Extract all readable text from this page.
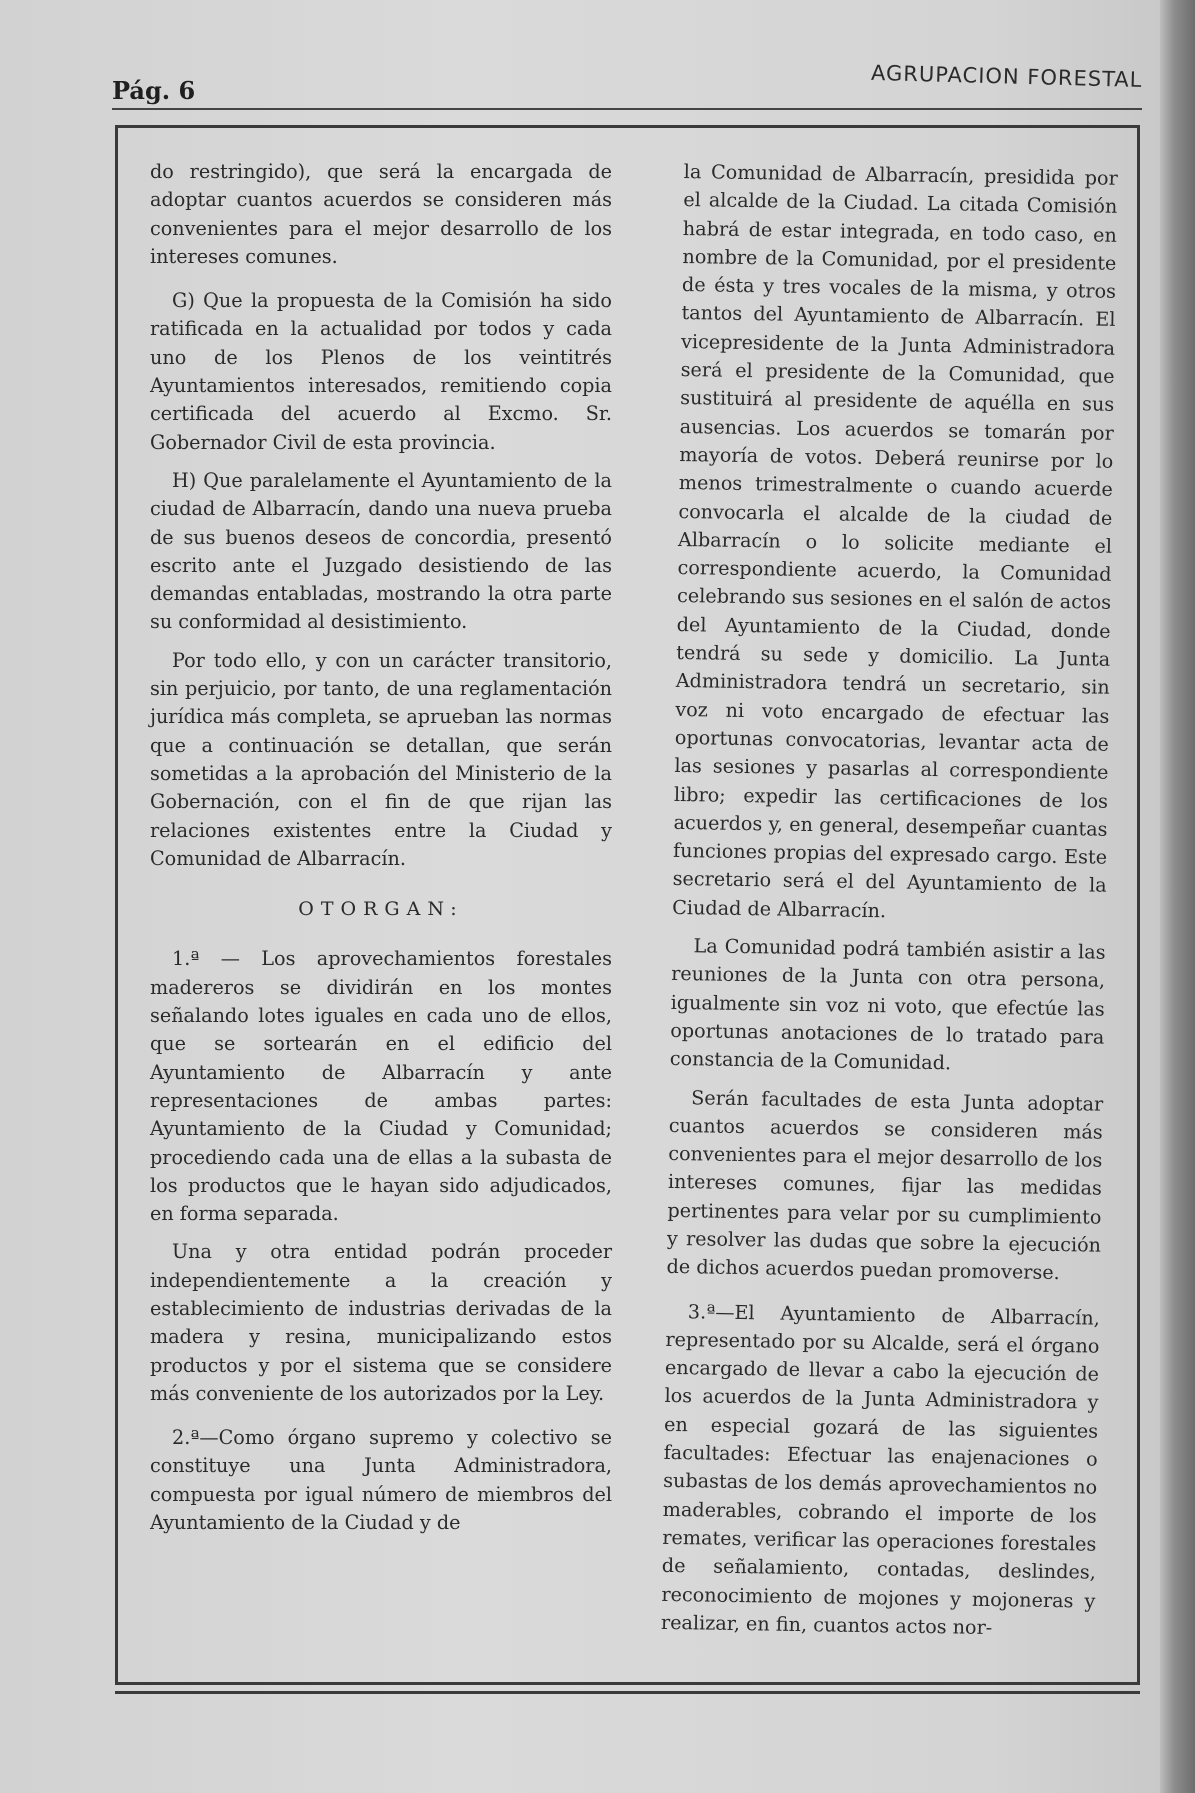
Pág. 6	AGRUPACION FORESTAL

do restringido), que será la encargada de adoptar cuantos acuerdos se consideren más convenientes para el mejor desarrollo de los intereses comunes.

G) Que la propuesta de la Comisión ha sido ratificada en la actualidad por todos y cada uno de los Plenos de los veintitrés Ayuntamientos interesados, remitiendo copia certificada del acuerdo al Excmo. Sr. Gobernador Civil de esta provincia.

H) Que paralelamente el Ayuntamiento de la ciudad de Albarracín, dando una nueva prueba de sus buenos deseos de concordia, presentó escrito ante el Juzgado desistiendo de las demandas entabladas, mostrando la otra parte su conformidad al desistimiento.

Por todo ello, y con un carácter transitorio, sin perjuicio, por tanto, de una reglamentación jurídica más completa, se aprueban las normas que a continuación se detallan, que serán sometidas a la aprobación del Ministerio de la Gobernación, con el fin de que rijan las relaciones existentes entre la Ciudad y Comunidad de Albarracín.

OTORGAN:

1.ª — Los aprovechamientos forestales madereros se dividirán en los montes señalando lotes iguales en cada uno de ellos, que se sortearán en el edificio del Ayuntamiento de Albarracín y ante representaciones de ambas partes: Ayuntamiento de la Ciudad y Comunidad; procediendo cada una de ellas a la subasta de los productos que le hayan sido adjudicados, en forma separada.

Una y otra entidad podrán proceder independientemente a la creación y establecimiento de industrias derivadas de la madera y resina, municipalizando estos productos y por el sistema que se considere más conveniente de los autorizados por la Ley.

2.ª—Como órgano supremo y colectivo se constituye una Junta Administradora, compuesta por igual número de miembros del Ayuntamiento de la Ciudad y de

la Comunidad de Albarracín, presidida por el alcalde de la Ciudad. La citada Comisión habrá de estar integrada, en todo caso, en nombre de la Comunidad, por el presidente de ésta y tres vocales de la misma, y otros tantos del Ayuntamiento de Albarracín. El vicepresidente de la Junta Administradora será el presidente de la Comunidad, que sustituirá al presidente de aquélla en sus ausencias. Los acuerdos se tomarán por mayoría de votos. Deberá reunirse por lo menos trimestralmente o cuando acuerde convocarla el alcalde de la ciudad de Albarracín o lo solicite mediante el correspondiente acuerdo, la Comunidad celebrando sus sesiones en el salón de actos del Ayuntamiento de la Ciudad, donde tendrá su sede y domicilio. La Junta Administradora tendrá un secretario, sin voz ni voto encargado de efectuar las oportunas convocatorias, levantar acta de las sesiones y pasarlas al correspondiente libro; expedir las certificaciones de los acuerdos y, en general, desempeñar cuantas funciones propias del expresado cargo. Este secretario será el del Ayuntamiento de la Ciudad de Albarracín.

La Comunidad podrá también asistir a las reuniones de la Junta con otra persona, igualmente sin voz ni voto, que efectúe las oportunas anotaciones de lo tratado para constancia de la Comunidad.

Serán facultades de esta Junta adoptar cuantos acuerdos se consideren más convenientes para el mejor desarrollo de los intereses comunes, fijar las medidas pertinentes para velar por su cumplimiento y resolver las dudas que sobre la ejecución de dichos acuerdos puedan promoverse.

3.ª—El Ayuntamiento de Albarracín, representado por su Alcalde, será el órgano encargado de llevar a cabo la ejecución de los acuerdos de la Junta Administradora y en especial gozará de las siguientes facultades: Efectuar las enajenaciones o subastas de los demás aprovechamientos no maderables, cobrando el importe de los remates, verificar las operaciones forestales de señalamiento, contadas, deslindes, reconocimiento de mojones y mojoneras y realizar, en fin, cuantos actos nor-
